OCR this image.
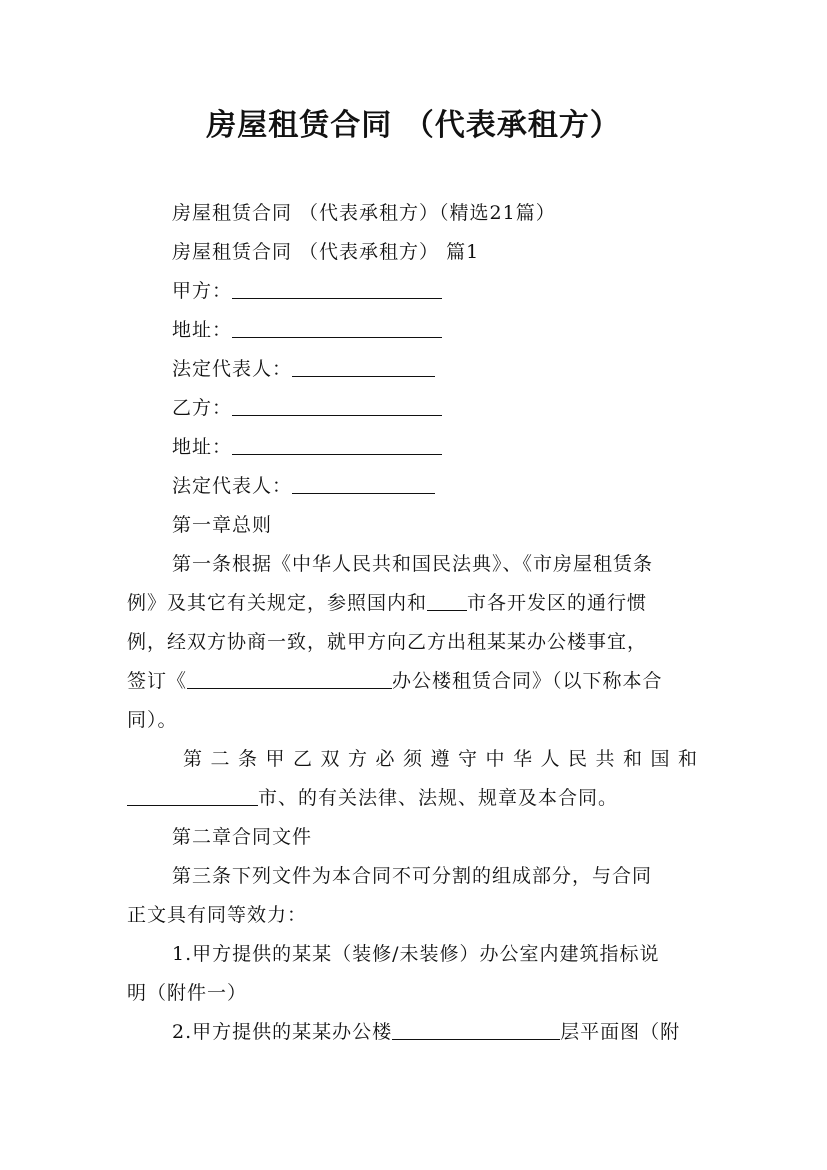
房屋租赁合同 （代表承租方）
房屋租赁合同 （代表承租方）（精选21篇）
房屋租赁合同 （代表承租方） 篇1
甲方：
地址：
法定代表人：
乙方：
地址：
法定代表人：
第一章总则
第一条根据《中华人民共和国民法典》、《市房屋租赁条
例》及其它有关规定，参照国内和 市各开发区的通行惯
例，经双方协商一致，就甲方向乙方出租某某办公楼事宜，
签订《	办公楼租赁合同》（以下称本合
同）。
第二条甲乙双方必须遵守中华人民共和国和
市、的有关法律、法规、规章及本合同。
第二章合同文件
第三条下列文件为本合同不可分割的组成部分，与合同
正文具有同等效力：
1.甲方提供的某某（装修/未装修）办公室内建筑指标说
明（附件一）
2.甲方提供的某某办公楼	层平面图（附
